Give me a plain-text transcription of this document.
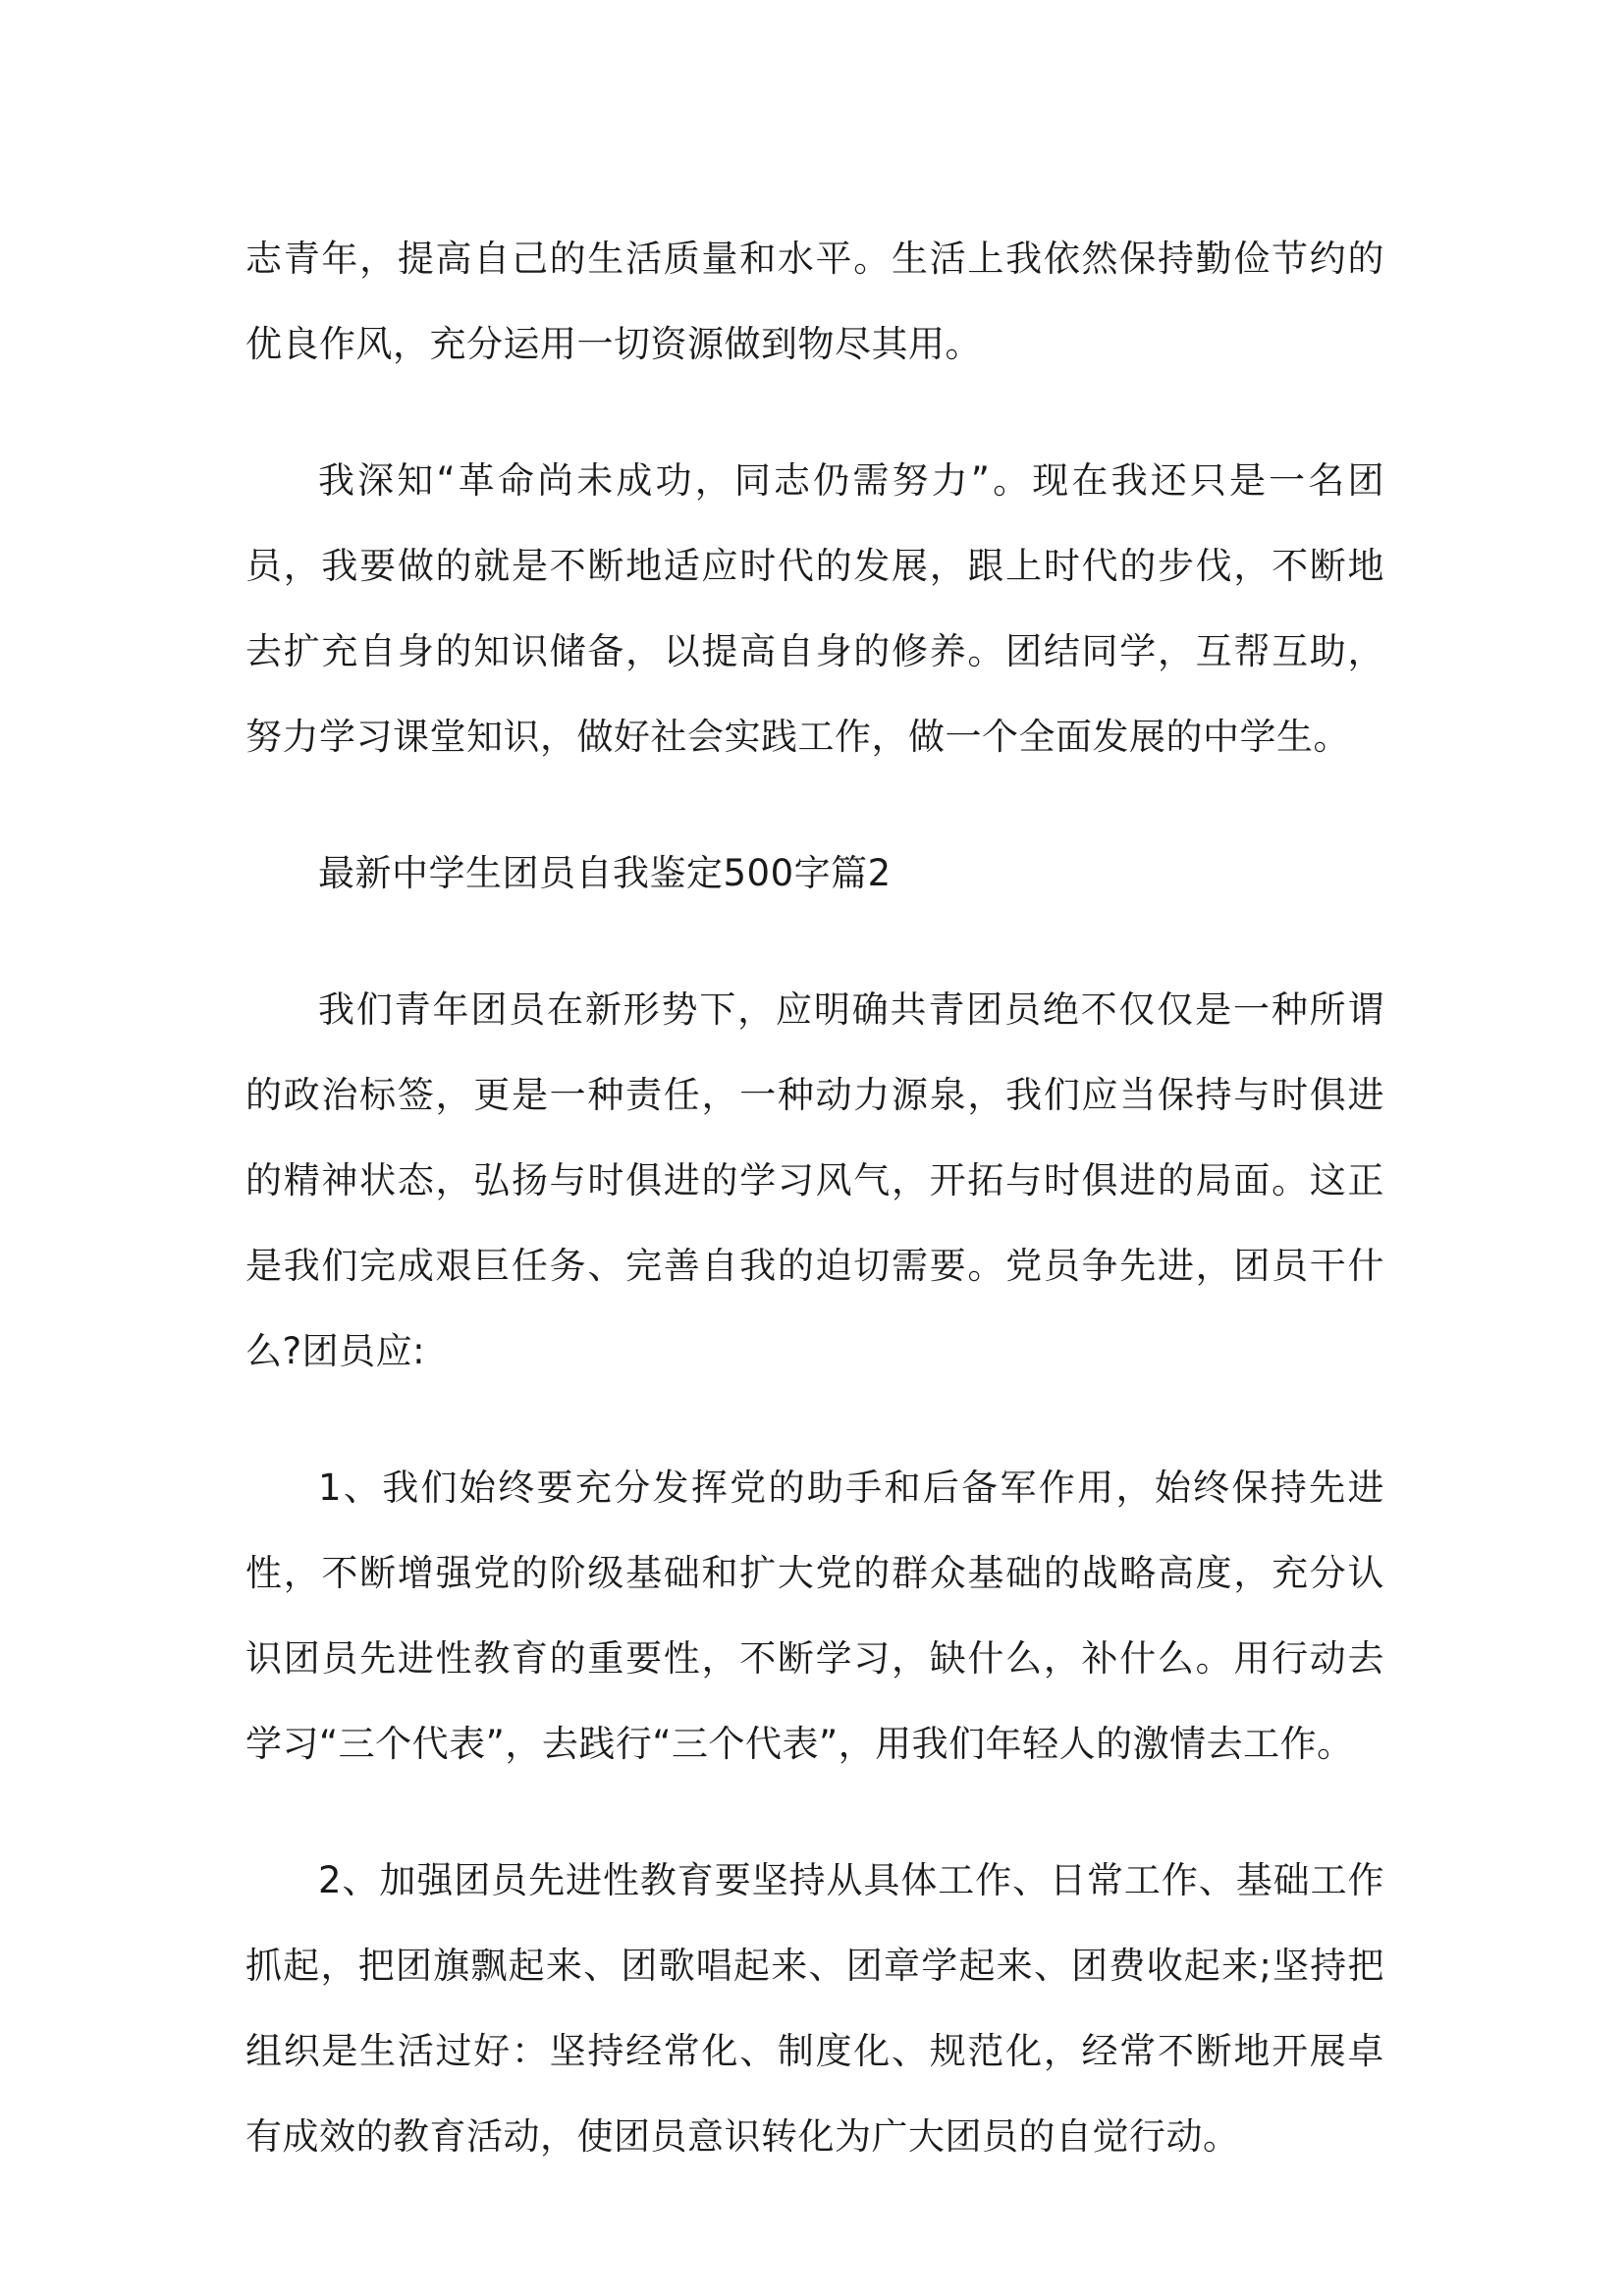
志青年，提高自己的生活质量和水平。生活上我依然保持勤俭节约的优良作风，充分运用一切资源做到物尽其用。

我深知“革命尚未成功，同志仍需努力”。现在我还只是一名团员，我要做的就是不断地适应时代的发展，跟上时代的步伐，不断地去扩充自身的知识储备，以提高自身的修养。团结同学，互帮互助，努力学习课堂知识，做好社会实践工作，做一个全面发展的中学生。

最新中学生团员自我鉴定500字篇2

我们青年团员在新形势下，应明确共青团员绝不仅仅是一种所谓的政治标签，更是一种责任，一种动力源泉，我们应当保持与时俱进的精神状态，弘扬与时俱进的学习风气，开拓与时俱进的局面。这正是我们完成艰巨任务、完善自我的迫切需要。党员争先进，团员干什么?团员应:

1、我们始终要充分发挥党的助手和后备军作用，始终保持先进性，不断增强党的阶级基础和扩大党的群众基础的战略高度，充分认识团员先进性教育的重要性，不断学习，缺什么，补什么。用行动去学习“三个代表”，去践行“三个代表”，用我们年轻人的激情去工作。

2、加强团员先进性教育要坚持从具体工作、日常工作、基础工作抓起，把团旗飘起来、团歌唱起来、团章学起来、团费收起来;坚持把组织是生活过好：坚持经常化、制度化、规范化，经常不断地开展卓有成效的教育活动，使团员意识转化为广大团员的自觉行动。
